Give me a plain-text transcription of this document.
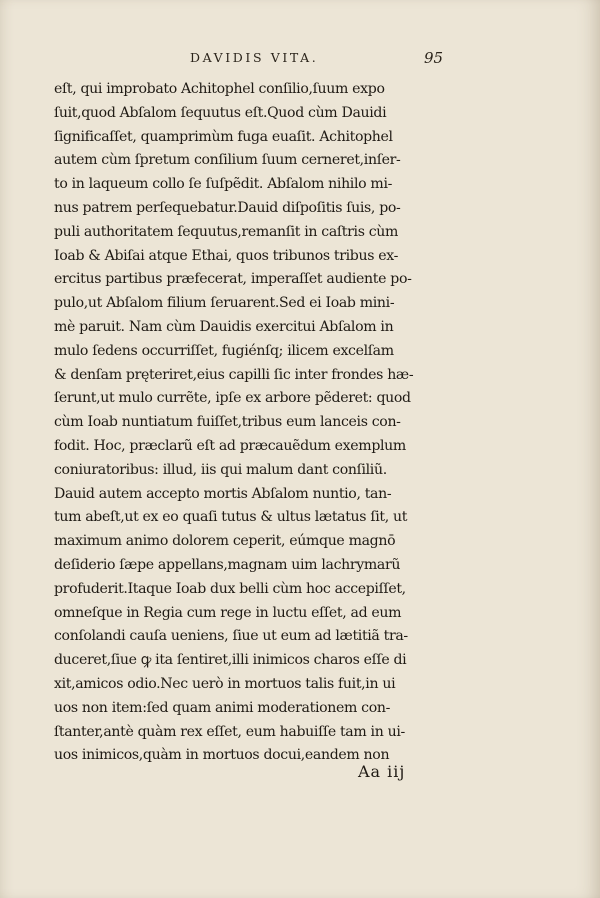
DAVIDIS VITA.	95
eſt, qui improbato Achitophel conſilio,ſuum expo
ſuit,quod Abſalom ſequutus eſt.Quod cùm Dauidi
ſignificaſſet, quamprimùm fuga euaſit. Achitophel
autem cùm ſpretum conſilium ſuum cerneret,inſer-
to in laqueum collo ſe ſuſpẽdit. Abſalom nihilo mi-
nus patrem perſequebatur.Dauid diſpoſitis ſuis, po-
puli authoritatem ſequutus,remanſit in caſtris cùm
Ioab & Abiſai atque Ethai, quos tribunos tribus ex-
ercitus partibus præfecerat, imperaſſet audiente po-
pulo,ut Abſalom filium ſeruarent.Sed ei Ioab mini-
mè paruit. Nam cùm Dauidis exercitui Abſalom in
mulo ſedens occurriſſet, fugiénſq; ilicem excelſam
& denſam pręteriret,eius capilli ſic inter frondes hæ-
ſerunt,ut mulo currẽte, ipſe ex arbore pẽderet: quod
cùm Ioab nuntiatum fuiſſet,tribus eum lanceis con-
fodit. Hoc, præclarũ eſt ad præcauẽdum exemplum
coniuratoribus: illud, iis qui malum dant conſiliũ.
Dauid autem accepto mortis Abſalom nuntio, tan-
tum abeſt,ut ex eo quaſi tutus & ultus lætatus ſit, ut
maximum animo dolorem ceperit, eúmque magnō
deſiderio ſæpe appellans,magnam uim lachrymarũ
profuderit.Itaque Ioab dux belli cùm hoc accepiſſet,
omneſque in Regia cum rege in luctu eſſet, ad eum
conſolandi cauſa ueniens, ſiue ut eum ad lætitiã tra-
duceret,ſiue ꝙ ita ſentiret,illi inimicos charos eſſe di
xit,amicos odio.Nec uerò in mortuos talis fuit,in ui
uos non item:ſed quam animi moderationem con-
ſtanter,antè quàm rex eſſet, eum habuiſſe tam in ui-
uos inimicos,quàm in mortuos docui,eandem non
Aa iij
